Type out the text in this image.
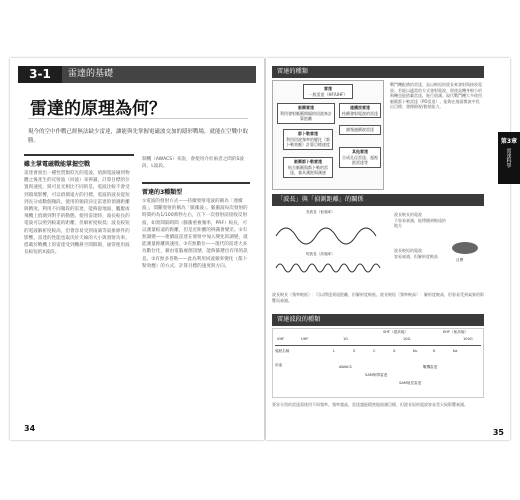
3-1	雷達的基礎
雷達的原理為何？
現今的空中作戰已經無法缺少雷達，讓能與先掌握電磁波交加的隱形戰場，就能在空戰中取勝。
雖主掌電磁戰能掌握空戰
雷達會發出一種性質類似光的電波，偵測電波碰到物體之後產生的反射波（回波）來辨識，計算目標的位置與速度。與可見光相比不同的是，電波比較不會受到環境影響，可以偵測遠方的目標。電波的波長從短到長分成數個頻段，使用的頻段決定雷達的偵測距離與精度。利用不同頻段的雷達，能夠從地面、艦艇或飛機上偵測到對手的動態。使用雷達時，波長較長的電波可以照到較遠的距離，但解析度較低；波長較短的電波解析度較高，但會容易受到雨滴等氣象條件的影響。雷達的性能也取決於天線的大小與發射功率。搭載於戰機上的雷達受到機鼻空間限制，通常使用波長較短的X波段。
制機（AWACS）來說，會使用介於兩者之間的S波段、L波段。
雷達的3種類型
①電波的發射方式——持續發射電波的稱為「連續波」，間斷發射的稱為「脈衝波」。脈衝波每次發射的時間約為1/100萬秒左右，在下一次發射前接收反射波，如果間隔時間（脈衝重複頻率，PRF）較長，可以測量較遠的距離，但是近距離的辨識會變差。②有無調變——連續波雷達在發射中加入變化的調變，就能測量距離與速度。③有無數位——現代的雷達大多為數位化，藉由電腦處理訊號，能夠篩選出有用的訊息。③有無多普勒——此為利用回波頻率變化（都卜勒效應）的方式，計算目標的速度與方向。
34
雷達的種類
雷達
一般雷達（HF/UHF）
脈衝雷達
利用發射脈衝間隔的回波來計算距離
連續波雷達
持續發射電波的雷達
調頻連續波雷達
都卜勒雷達
利用回波頻率的變化（都卜勒效應）計算目標速度
脈衝都卜勒雷達
結合脈衝與都卜勒的雷達，兼具測距與測速
其他雷達
合成孔徑雷達、超視距雷達等
戰鬥機配備的雷達，是以較短的波長來發射與接收電波。若能以適當的方式發射電波，即使是機身較小的飛機也能搭載雷達，進行偵測。現代戰鬥機大多使用脈衝都卜勒雷達（PD雷達），能夠在地面雜波中找出目標，發揮俯視/俯射能力。
「波長」與「偵測距離」的關係
長波長（低頻率）
短波長（高頻率）
波長較長的電波
不容易衰減，能傳播到較遠的地方
波長較短的電波
容易衰減，但解析度較高
目標
波長較長（頻率較低）：可以傳達到遠距離，但解析度較低。波長較短（頻率較高）：解析度較高，但容易受到氣象的影響而衰減。
雷達波段的種類
SHF（超高頻）	EHF（極高頻）
VHF	UHF	1G	10G	100G
頻段名稱
用途
L	S	C	X	Ku	K	Ka
AWACS
SAM制導雷達
SAM射控雷達
戰機雷達
要求分別的雷達需使用不同頻率。頻率越高，雷達越能精密地偵測目標，但波長短的電波容易受天候影響衰減。
35
第3章
雷達科學
